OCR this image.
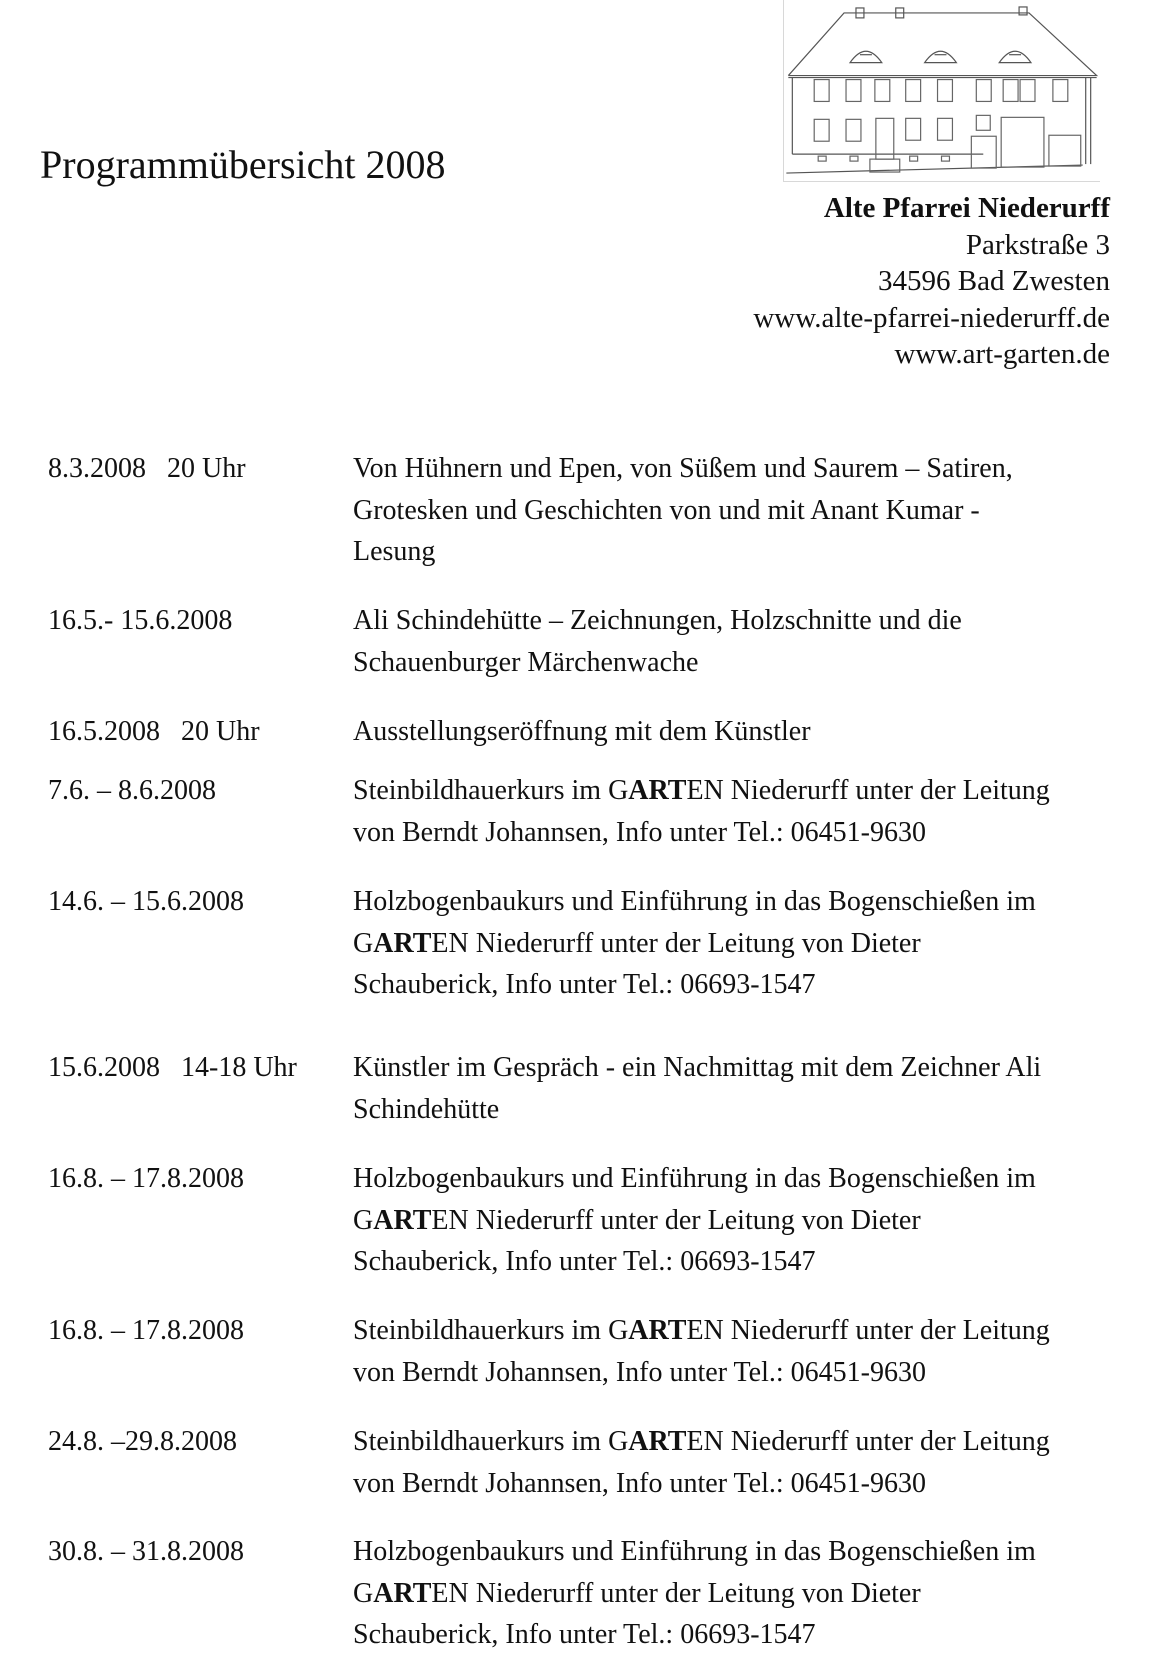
Programmübersicht 2008
Alte Pfarrei Niederurff
Parkstraße 3
34596 Bad Zwesten
www.alte-pfarrei-niederurff.de
www.art-garten.de
8.3.2008   20 Uhr	Von Hühnern und Epen, von Süßem und Saurem – Satiren,
Grotesken und Geschichten von und mit Anant Kumar -
Lesung
16.5.- 15.6.2008	Ali Schindehütte – Zeichnungen, Holzschnitte und die
Schauenburger Märchenwache
16.5.2008   20 Uhr	Ausstellungseröffnung mit dem Künstler
7.6. – 8.6.2008	Steinbildhauerkurs im GARTEN Niederurff unter der Leitung
von Berndt Johannsen, Info unter Tel.: 06451-9630
14.6. – 15.6.2008	Holzbogenbaukurs und Einführung in das Bogenschießen im
GARTEN Niederurff unter der Leitung von Dieter
Schauberick, Info unter Tel.: 06693-1547
15.6.2008   14-18 Uhr Künstler im Gespräch - ein Nachmittag mit dem Zeichner Ali
Schindehütte
16.8. – 17.8.2008	Holzbogenbaukurs und Einführung in das Bogenschießen im
GARTEN Niederurff unter der Leitung von Dieter
Schauberick, Info unter Tel.: 06693-1547
16.8. – 17.8.2008	Steinbildhauerkurs im GARTEN Niederurff unter der Leitung
von Berndt Johannsen, Info unter Tel.: 06451-9630
24.8. –29.8.2008	Steinbildhauerkurs im GARTEN Niederurff unter der Leitung
von Berndt Johannsen, Info unter Tel.: 06451-9630
30.8. – 31.8.2008	Holzbogenbaukurs und Einführung in das Bogenschießen im
GARTEN Niederurff unter der Leitung von Dieter
Schauberick, Info unter Tel.: 06693-1547
